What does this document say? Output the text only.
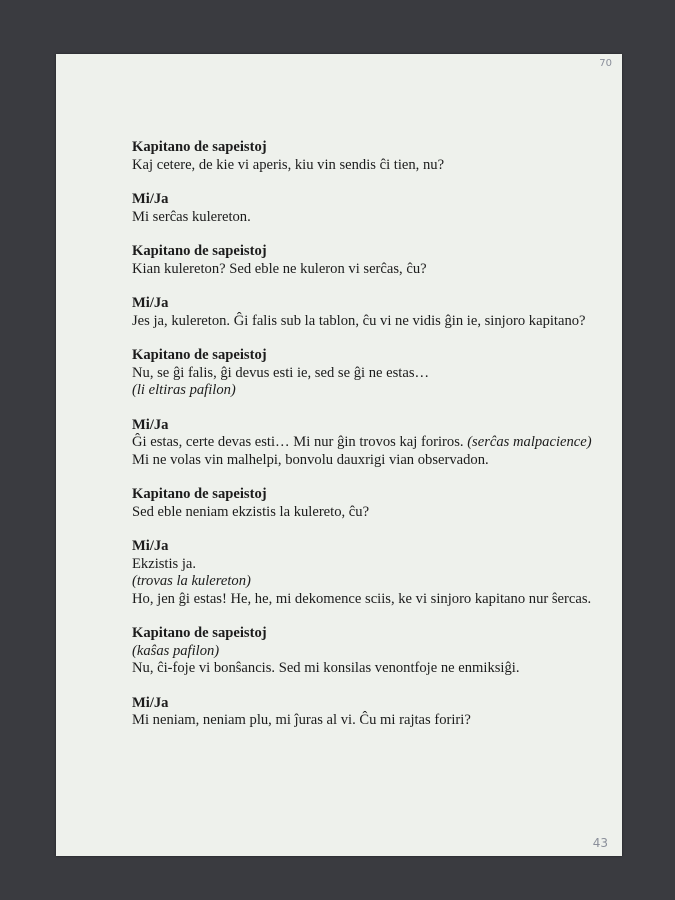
70
Kapitano de sapeistoj
Kaj cetere, de kie vi aperis, kiu vin sendis ĉi tien, nu?
Mi/Ja
Mi serĉas kulereton.
Kapitano de sapeistoj
Kian kulereton? Sed eble ne kuleron vi serĉas, ĉu?
Mi/Ja
Jes ja, kulereton. Ĝi falis sub la tablon, ĉu vi ne vidis ĝin ie, sinjoro kapitano?
Kapitano de sapeistoj
Nu, se ĝi falis, ĝi devus esti ie, sed se ĝi ne estas…
(li eltiras pafilon)
Mi/Ja
Ĝi estas, certe devas esti… Mi nur ĝin trovos kaj foriros. (serĉas malpacience) Mi ne volas vin malhelpi, bonvolu dauxrigi vian observadon.
Kapitano de sapeistoj
Sed eble neniam ekzistis la kulereto, ĉu?
Mi/Ja
Ekzistis ja.
(trovas la kulereton)
Ho, jen ĝi estas! He, he, mi dekomence sciis, ke vi sinjoro kapitano nur ŝercas.
Kapitano de sapeistoj
(kaŝas pafilon)
Nu, ĉi-foje vi bonŝancis. Sed mi konsilas venontfoje ne enmiksiĝi.
Mi/Ja
Mi neniam, neniam plu, mi ĵuras al vi. Ĉu mi rajtas foriri?
43
